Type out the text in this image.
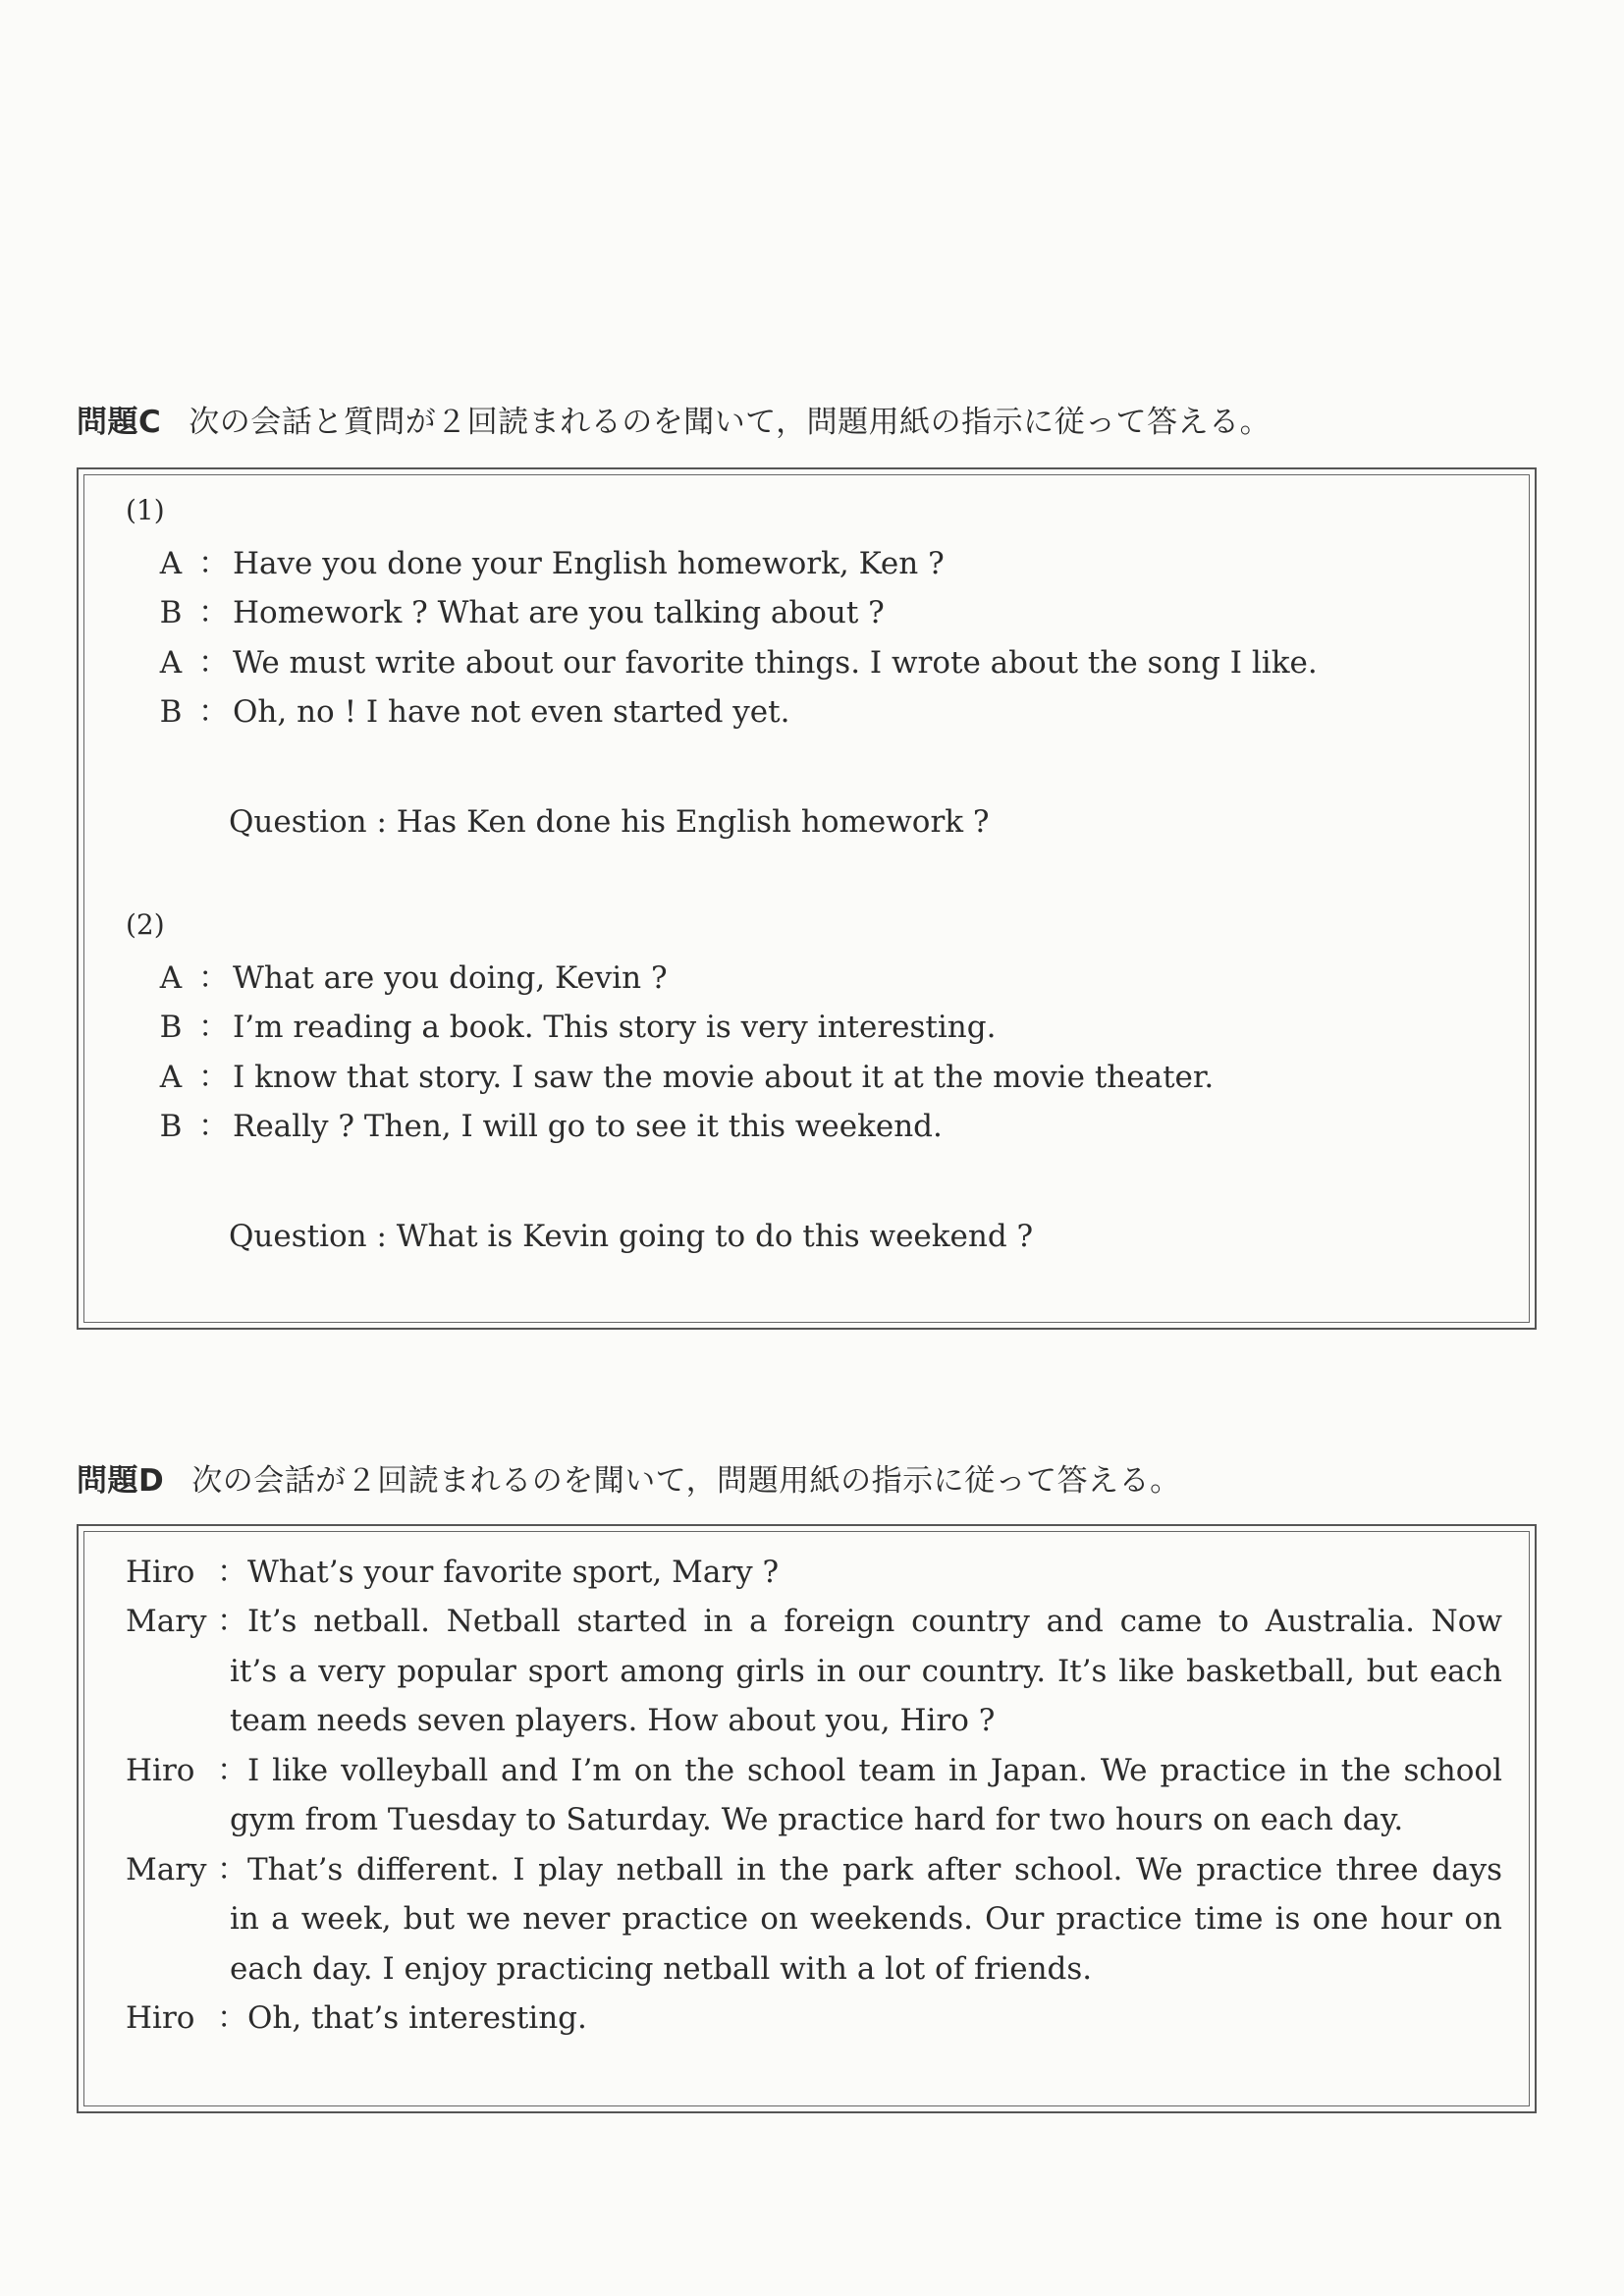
問題C 次の会話と質問が２回読まれるのを聞いて，問題用紙の指示に従って答える。
(1)
A ： Have you done your English homework, Ken ?
B ： Homework ? What are you talking about ?
A ： We must write about our favorite things. I wrote about the song I like.
B ： Oh, no ! I have not even started yet.
Question : Has Ken done his English homework ?
(2)
A ： What are you doing, Kevin ?
B ： I’m reading a book. This story is very interesting.
A ： I know that story. I saw the movie about it at the movie theater.
B ： Really ? Then, I will go to see it this weekend.
Question : What is Kevin going to do this weekend ?
問題D 次の会話が２回読まれるのを聞いて，問題用紙の指示に従って答える。
Hiro ： What’s your favorite sport, Mary ?
Mary ： It’s netball. Netball started in a foreign country and came to Australia. Now
it’s a very popular sport among girls in our country. It’s like basketball, but each
team needs seven players. How about you, Hiro ?
Hiro ： I like volleyball and I’m on the school team in Japan. We practice in the school
gym from Tuesday to Saturday. We practice hard for two hours on each day.
Mary ： That’s different. I play netball in the park after school. We practice three days
in a week, but we never practice on weekends. Our practice time is one hour on
each day. I enjoy practicing netball with a lot of friends.
Hiro ： Oh, that’s interesting.
